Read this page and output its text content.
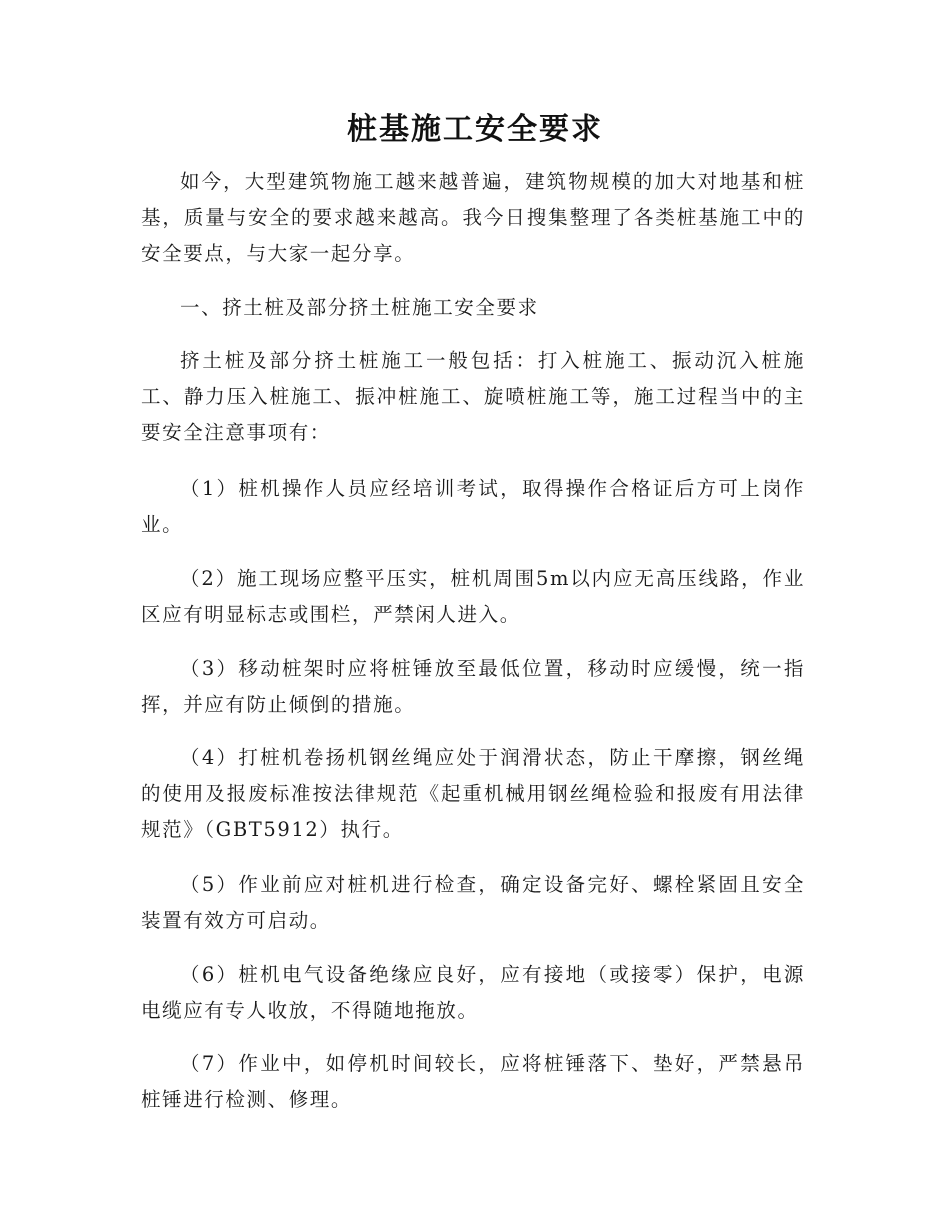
桩基施工安全要求

如今，大型建筑物施工越来越普遍，建筑物规模的加大对地基和桩基，质量与安全的要求越来越高。我今日搜集整理了各类桩基施工中的安全要点，与大家一起分享。

一、挤土桩及部分挤土桩施工安全要求

挤土桩及部分挤土桩施工一般包括：打入桩施工、振动沉入桩施工、静力压入桩施工、振冲桩施工、旋喷桩施工等，施工过程当中的主要安全注意事项有：

（1）桩机操作人员应经培训考试，取得操作合格证后方可上岗作业。

（2）施工现场应整平压实，桩机周围5m以内应无高压线路，作业区应有明显标志或围栏，严禁闲人进入。

（3）移动桩架时应将桩锤放至最低位置，移动时应缓慢，统一指挥，并应有防止倾倒的措施。

（4）打桩机卷扬机钢丝绳应处于润滑状态，防止干摩擦，钢丝绳的使用及报废标准按法律规范《起重机械用钢丝绳检验和报废有用法律规范》（GBT5912）执行。

（5）作业前应对桩机进行检查，确定设备完好、螺栓紧固且安全装置有效方可启动。

（6）桩机电气设备绝缘应良好，应有接地（或接零）保护，电源电缆应有专人收放，不得随地拖放。

（7）作业中，如停机时间较长，应将桩锤落下、垫好，严禁悬吊桩锤进行检测、修理。
